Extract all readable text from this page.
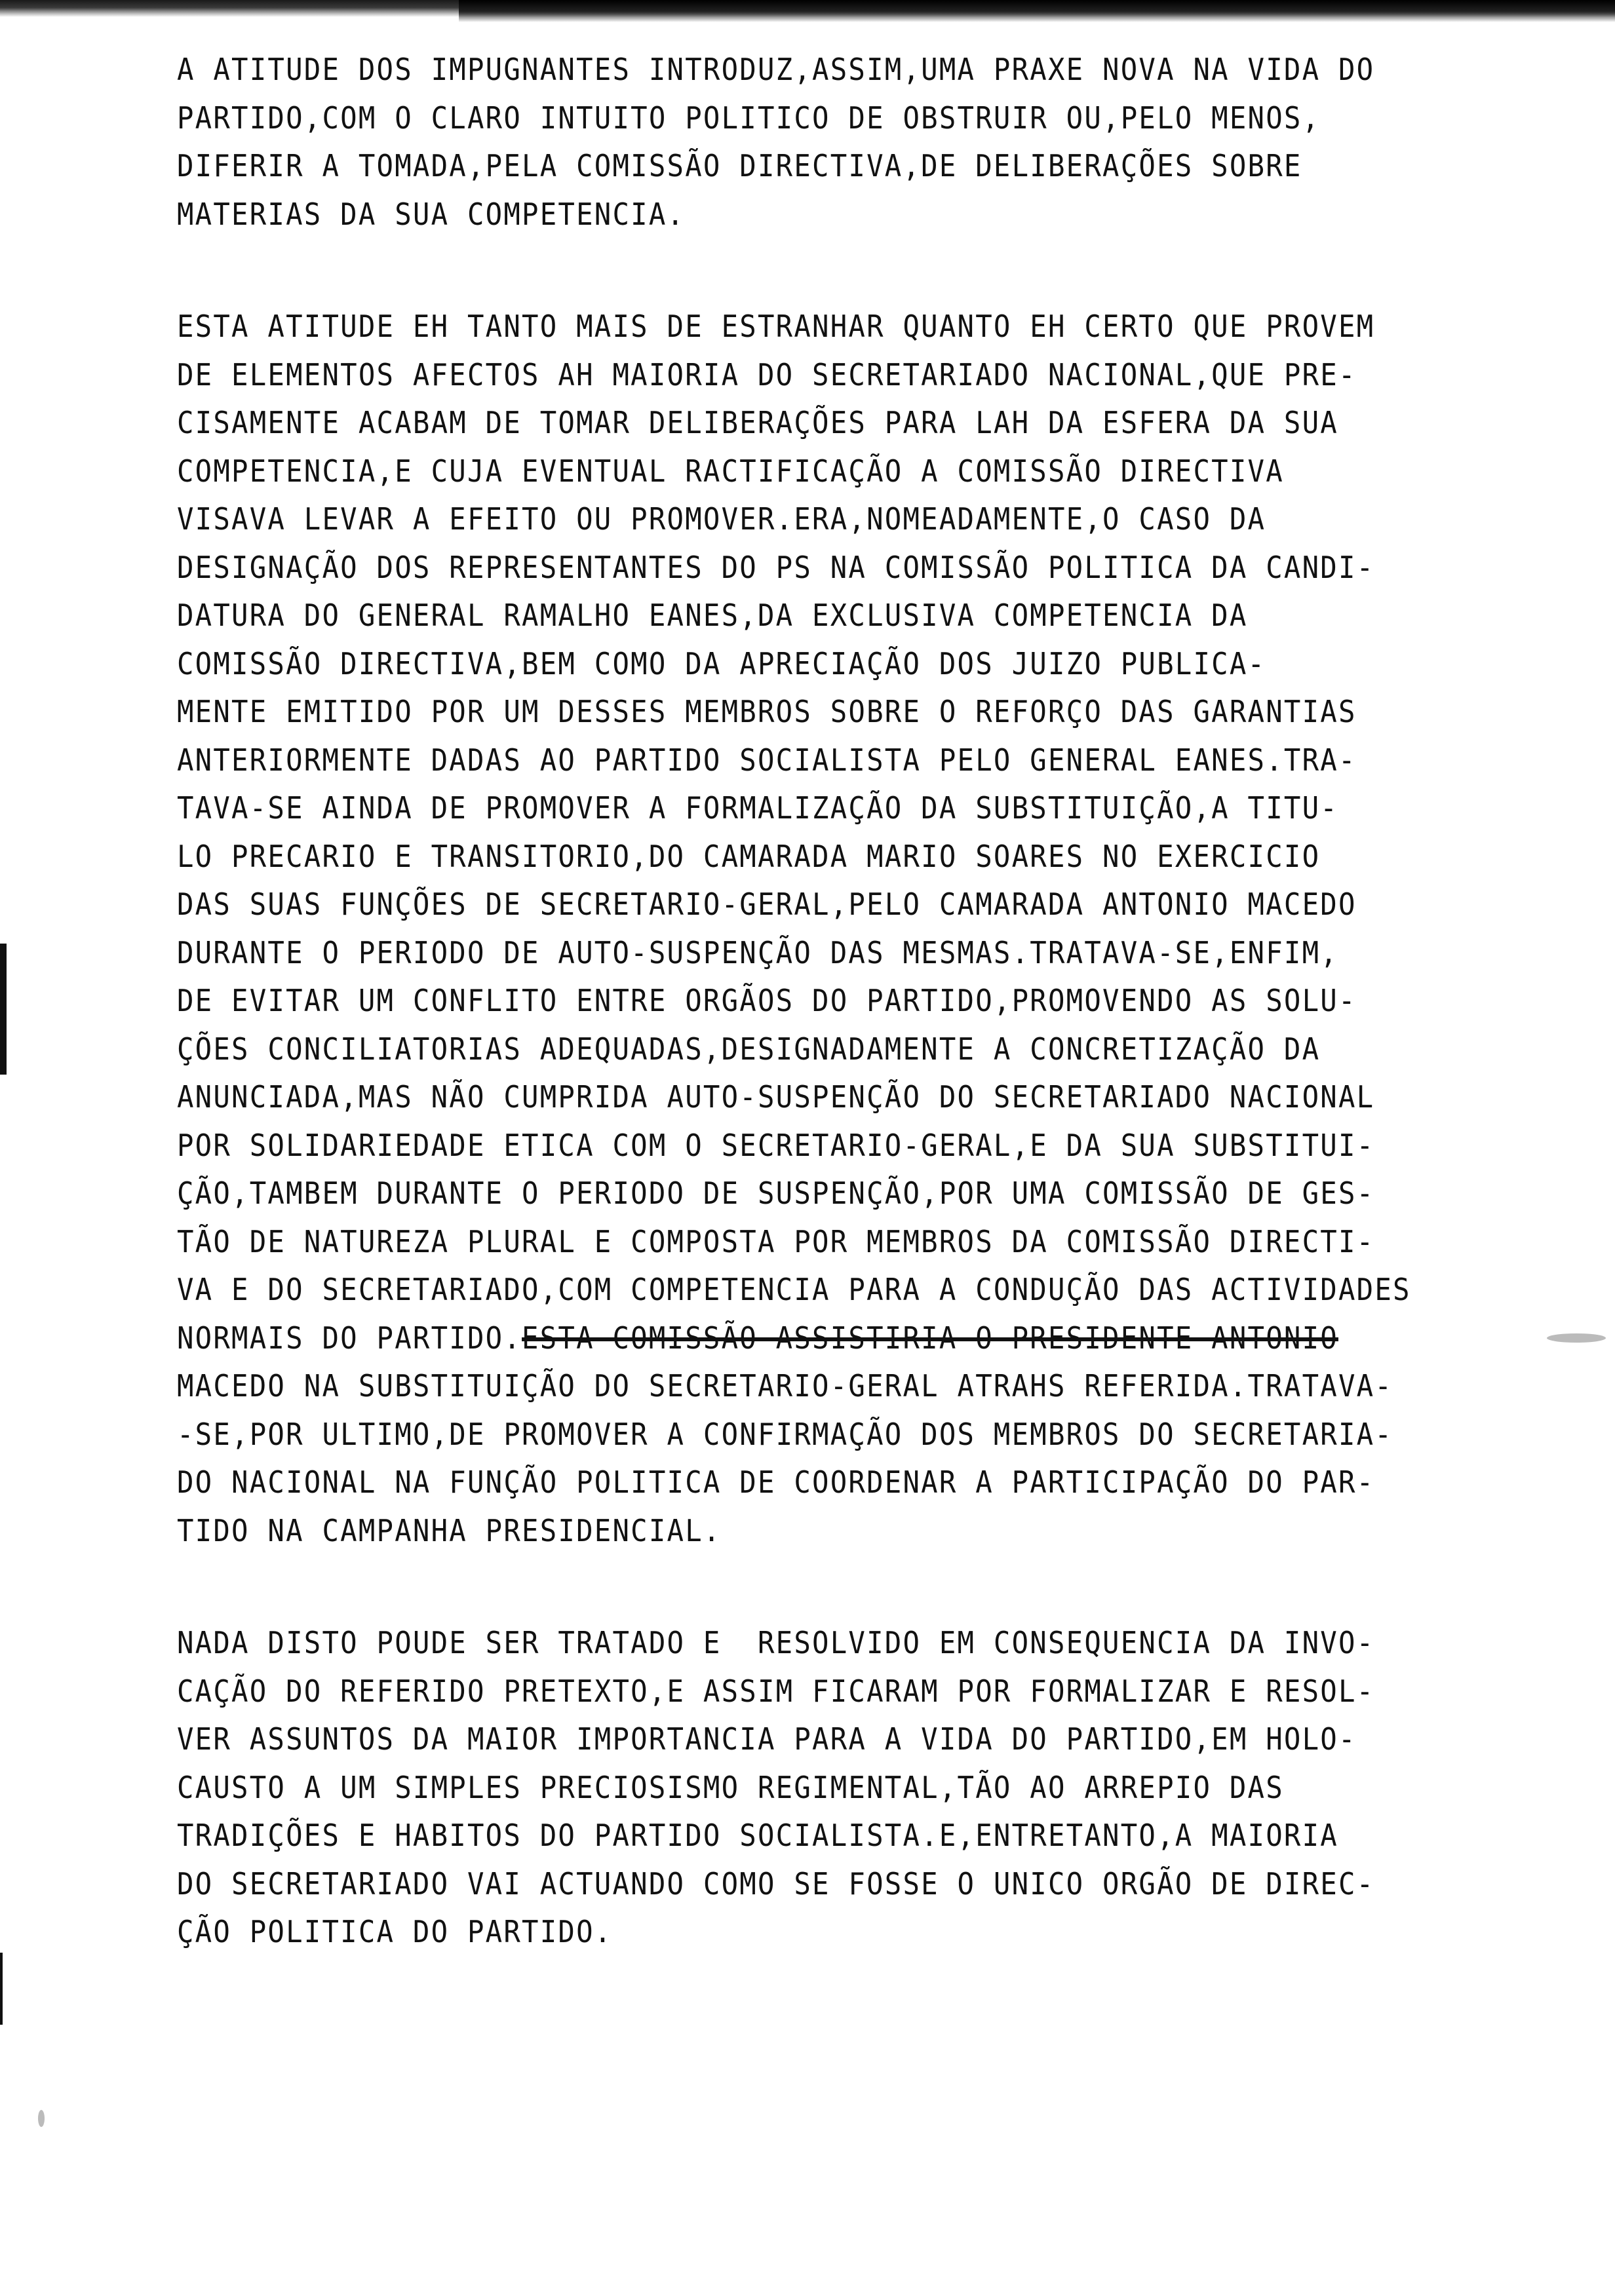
A ATITUDE DOS IMPUGNANTES INTRODUZ,ASSIM,UMA PRAXE NOVA NA VIDA DO
PARTIDO,COM O CLARO INTUITO POLITICO DE OBSTRUIR OU,PELO MENOS,
DIFERIR A TOMADA,PELA COMISSÃO DIRECTIVA,DE DELIBERAÇÕES SOBRE
MATERIAS DA SUA COMPETENCIA.
ESTA ATITUDE EH TANTO MAIS DE ESTRANHAR QUANTO EH CERTO QUE PROVEM
DE ELEMENTOS AFECTOS AH MAIORIA DO SECRETARIADO NACIONAL,QUE PRE-
CISAMENTE ACABAM DE TOMAR DELIBERAÇÕES PARA LAH DA ESFERA DA SUA
COMPETENCIA,E CUJA EVENTUAL RACTIFICAÇÃO A COMISSÃO DIRECTIVA
VISAVA LEVAR A EFEITO OU PROMOVER.ERA,NOMEADAMENTE,O CASO DA
DESIGNAÇÃO DOS REPRESENTANTES DO PS NA COMISSÃO POLITICA DA CANDI-
DATURA DO GENERAL RAMALHO EANES,DA EXCLUSIVA COMPETENCIA DA
COMISSÃO DIRECTIVA,BEM COMO DA APRECIAÇÃO DOS JUIZO PUBLICA-
MENTE EMITIDO POR UM DESSES MEMBROS SOBRE O REFORÇO DAS GARANTIAS
ANTERIORMENTE DADAS AO PARTIDO SOCIALISTA PELO GENERAL EANES.TRA-
TAVA-SE AINDA DE PROMOVER A FORMALIZAÇÃO DA SUBSTITUIÇÃO,A TITU-
LO PRECARIO E TRANSITORIO,DO CAMARADA MARIO SOARES NO EXERCICIO
DAS SUAS FUNÇÕES DE SECRETARIO-GERAL,PELO CAMARADA ANTONIO MACEDO
DURANTE O PERIODO DE AUTO-SUSPENÇÃO DAS MESMAS.TRATAVA-SE,ENFIM,
DE EVITAR UM CONFLITO ENTRE ORGÃOS DO PARTIDO,PROMOVENDO AS SOLU-
ÇÕES CONCILIATORIAS ADEQUADAS,DESIGNADAMENTE A CONCRETIZAÇÃO DA
ANUNCIADA,MAS NÃO CUMPRIDA AUTO-SUSPENÇÃO DO SECRETARIADO NACIONAL
POR SOLIDARIEDADE ETICA COM O SECRETARIO-GERAL,E DA SUA SUBSTITUI-
ÇÃO,TAMBEM DURANTE O PERIODO DE SUSPENÇÃO,POR UMA COMISSÃO DE GES-
TÃO DE NATUREZA PLURAL E COMPOSTA POR MEMBROS DA COMISSÃO DIRECTI-
VA E DO SECRETARIADO,COM COMPETENCIA PARA A CONDUÇÃO DAS ACTIVIDADES
NORMAIS DO PARTIDO.ESTA COMISSÃO ASSISTIRIA O PRESIDENTE ANTONIO
MACEDO NA SUBSTITUIÇÃO DO SECRETARIO-GERAL ATRAHS REFERIDA.TRATAVA-
-SE,POR ULTIMO,DE PROMOVER A CONFIRMAÇÃO DOS MEMBROS DO SECRETARIA-
DO NACIONAL NA FUNÇÃO POLITICA DE COORDENAR A PARTICIPAÇÃO DO PAR-
TIDO NA CAMPANHA PRESIDENCIAL.
NADA DISTO POUDE SER TRATADO E  RESOLVIDO EM CONSEQUENCIA DA INVO-
CAÇÃO DO REFERIDO PRETEXTO,E ASSIM FICARAM POR FORMALIZAR E RESOL-
VER ASSUNTOS DA MAIOR IMPORTANCIA PARA A VIDA DO PARTIDO,EM HOLO-
CAUSTO A UM SIMPLES PRECIOSISMO REGIMENTAL,TÃO AO ARREPIO DAS
TRADIÇÕES E HABITOS DO PARTIDO SOCIALISTA.E,ENTRETANTO,A MAIORIA
DO SECRETARIADO VAI ACTUANDO COMO SE FOSSE O UNICO ORGÃO DE DIREC-
ÇÃO POLITICA DO PARTIDO.
